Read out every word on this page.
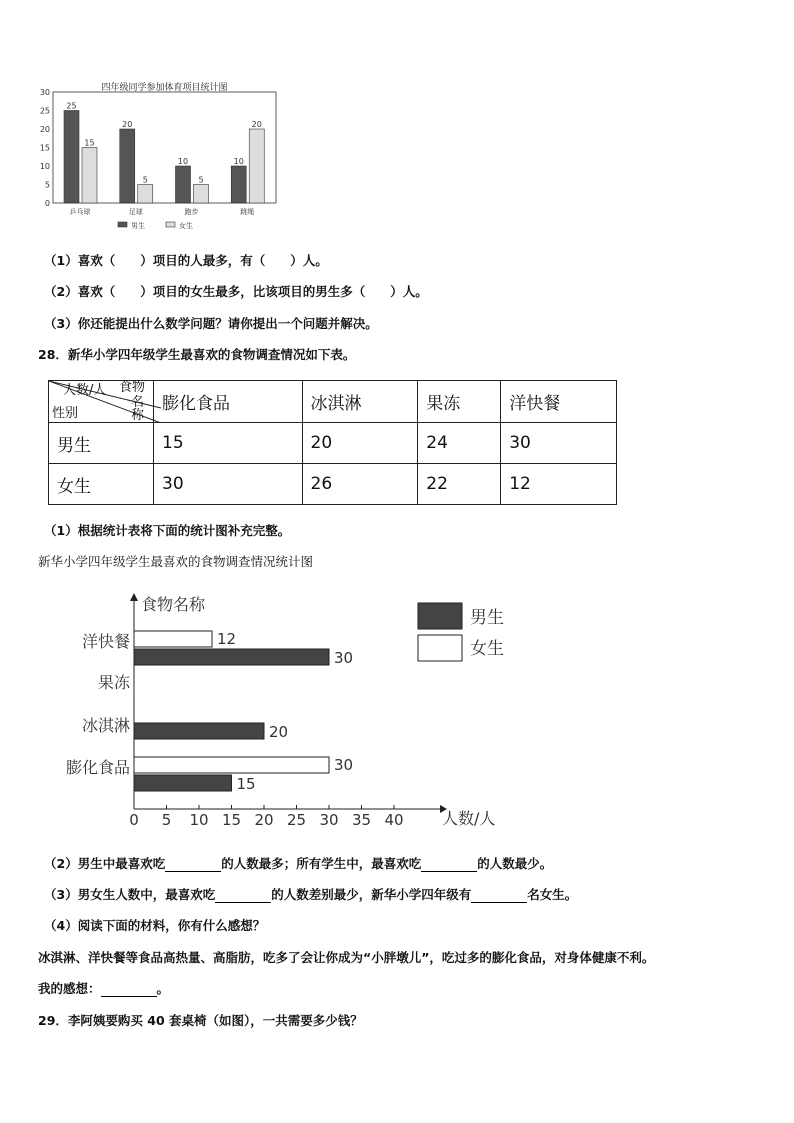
四年级同学参加体育项目统计图
0
5
10
15
20
25
30
25
15
乒乓球
20
5
足球
10
5
跑步
10
20
跳绳
男生	女生
（1）喜欢（　　）项目的人最多，有（　　）人。
（2）喜欢（　　）项目的女生最多，比该项目的男生多（　　）人。
（3）你还能提出什么数学问题？请你提出一个问题并解决。
28．新华小学四年级学生最喜欢的食物调查情况如下表。
人数/人 食物
名称
性别	膨化食品	冰淇淋	果冻	洋快餐
男生	15	20	24	30
女生	30	26	22	12
（1）根据统计表将下面的统计图补充完整。
新华小学四年级学生最喜欢的食物调查情况统计图
食物名称
人数/人
0 5 10 15 20 25 30 35 40
膨化食品	30
15
冰淇淋	20
果冻
洋快餐	12
30
男生
女生
（2）男生中最喜欢吃	的人数最多；所有学生中，最喜欢吃	的人数最少。
（3）男女生人数中，最喜欢吃	的人数差别最少，新华小学四年级有	名女生。
（4）阅读下面的材料，你有什么感想？
冰淇淋、洋快餐等食品高热量、高脂肪，吃多了会让你成为“小胖墩儿”，吃过多的膨化食品，对身体健康不利。
我的感想：	。
29．李阿姨要购买 40 套桌椅（如图），一共需要多少钱？
